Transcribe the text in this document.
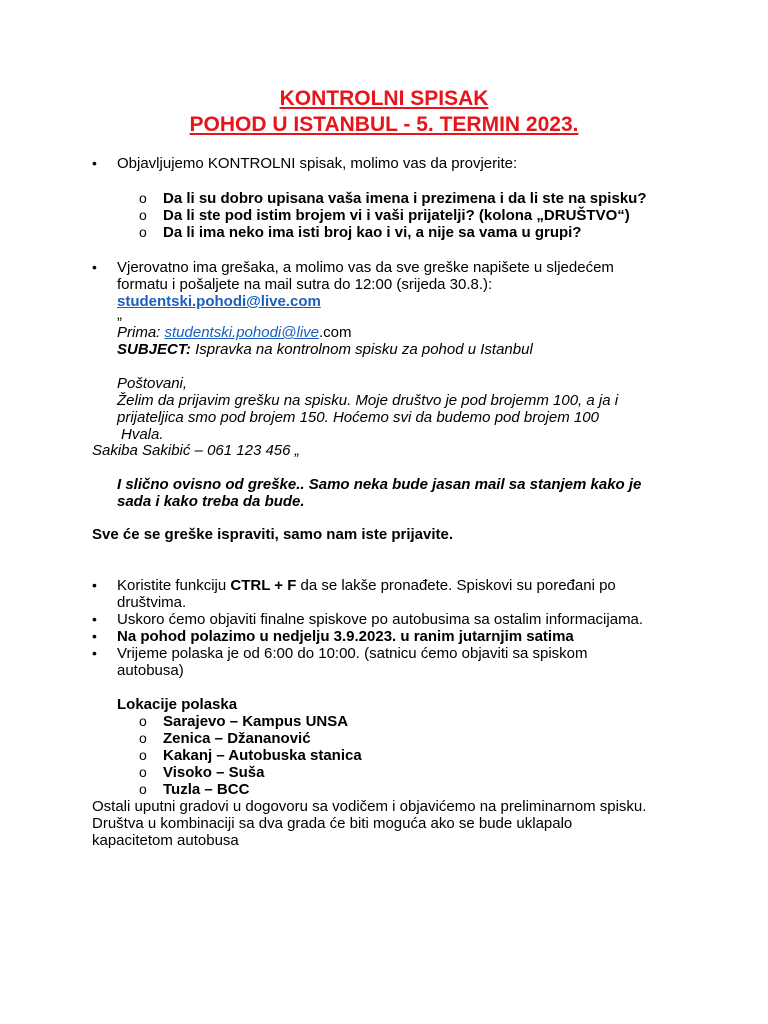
KONTROLNI SPISAK

POHOD U ISTANBUL - 5. TERMIN 2023.

• Objavljujemo KONTROLNI spisak, molimo vas da provjerite:

o Da li su dobro upisana vaša imena i prezimena i da li ste na spisku?

o Da li ste pod istim brojem vi i vaši prijatelji? (kolona „DRUŠTVO“)

o Da li ima neko ima isti broj kao i vi, a nije sa vama u grupi?

• Vjerovatno ima grešaka, a molimo vas da sve greške napišete u sljedećem
formatu i pošaljete na mail sutra do 12:00 (srijeda 30.8.):
studentski.pohodi@live.com

„

Prima: studentski.pohodi@live.com

SUBJECT: Ispravka na kontrolnom spisku za pohod u Istanbul

Poštovani,
Želim da prijavim grešku na spisku. Moje društvo je pod brojemm 100, a ja i
prijateljica smo pod brojem 150. Hoćemo svi da budemo pod brojem 100
Hvala.

Sakiba Sakibić – 061 123 456 „

I slično ovisno od greške.. Samo neka bude jasan mail sa stanjem kako je
sada i kako treba da bude.

Sve će se greške ispraviti, samo nam iste prijavite.

• Koristite funkciju CTRL + F da se lakše pronađete. Spiskovi su poređani po
društvima.

• Uskoro ćemo objaviti finalne spiskove po autobusima sa ostalim informacijama.

• Na pohod polazimo u nedjelju 3.9.2023. u ranim jutarnjim satima

• Vrijeme polaska je od 6:00 do 10:00. (satnicu ćemo objaviti sa spiskom
autobusa)

Lokacije polaska

o Sarajevo – Kampus UNSA

o Zenica – Džananović

o Kakanj – Autobuska stanica

o Visoko – Suša

o Tuzla – BCC

Ostali uputni gradovi u dogovoru sa vodičem i objavićemo na preliminarnom spisku.
Društva u kombinaciji sa dva grada će biti moguća ako se bude uklapalo
kapacitetom autobusa
